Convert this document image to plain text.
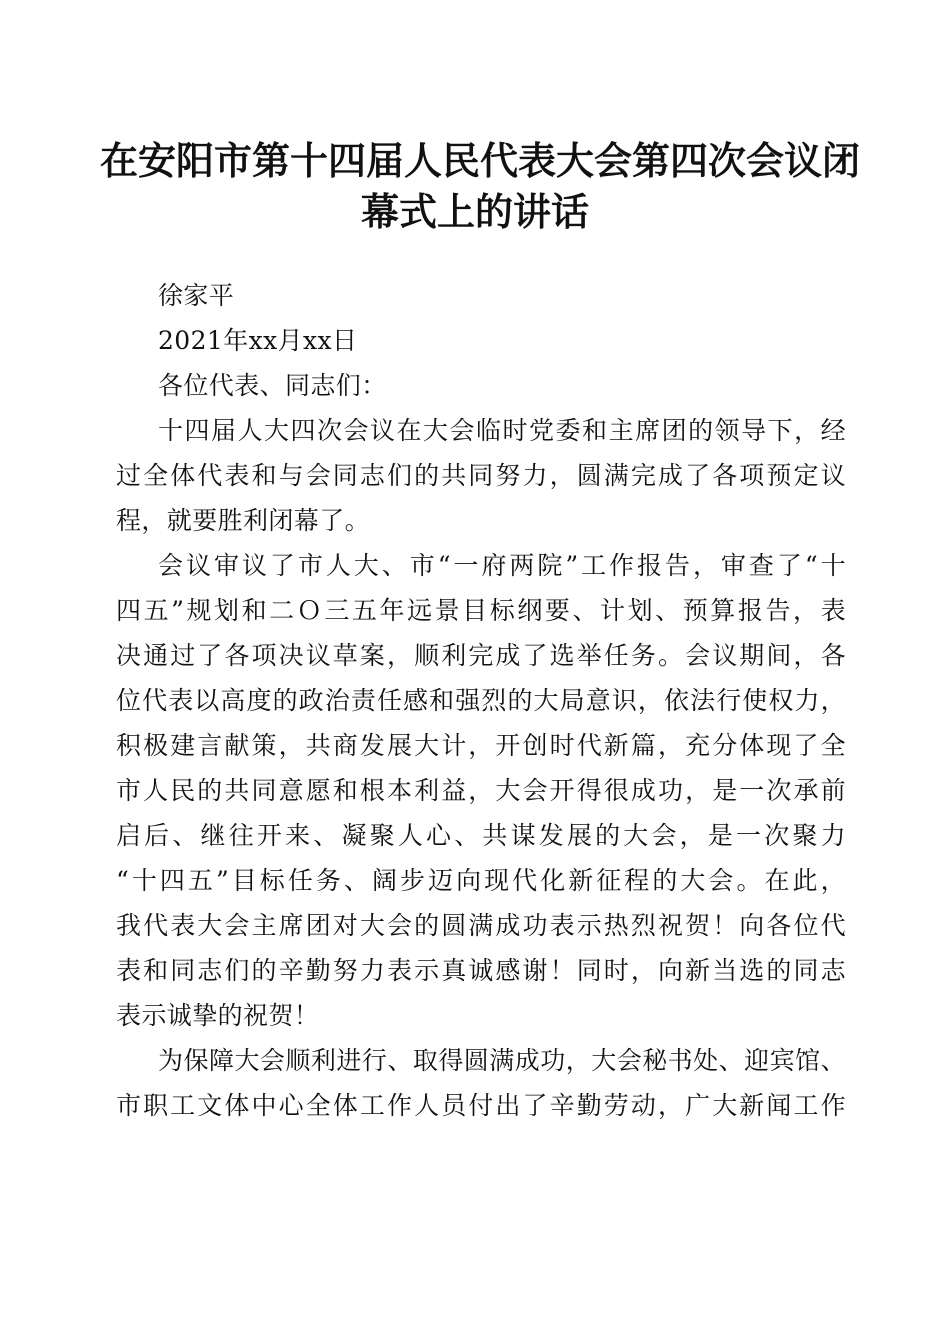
在安阳市第十四届人民代表大会第四次会议闭
幕式上的讲话
徐家平
2021年xx月xx日
各位代表、同志们：
十四届人大四次会议在大会临时党委和主席团的领导下，经
过全体代表和与会同志们的共同努力，圆满完成了各项预定议
程，就要胜利闭幕了。
会议审议了市人大、市“一府两院”工作报告，审查了“十
四五”规划和二Ｏ三五年远景目标纲要、计划、预算报告，表
决通过了各项决议草案，顺利完成了选举任务。会议期间，各
位代表以高度的政治责任感和强烈的大局意识，依法行使权力，
积极建言献策，共商发展大计，开创时代新篇，充分体现了全
市人民的共同意愿和根本利益，大会开得很成功，是一次承前
启后、继往开来、凝聚人心、共谋发展的大会，是一次聚力
“十四五”目标任务、阔步迈向现代化新征程的大会。在此，
我代表大会主席团对大会的圆满成功表示热烈祝贺！向各位代
表和同志们的辛勤努力表示真诚感谢！同时，向新当选的同志
表示诚挚的祝贺！
为保障大会顺利进行、取得圆满成功，大会秘书处、迎宾馆、
市职工文体中心全体工作人员付出了辛勤劳动，广大新闻工作
